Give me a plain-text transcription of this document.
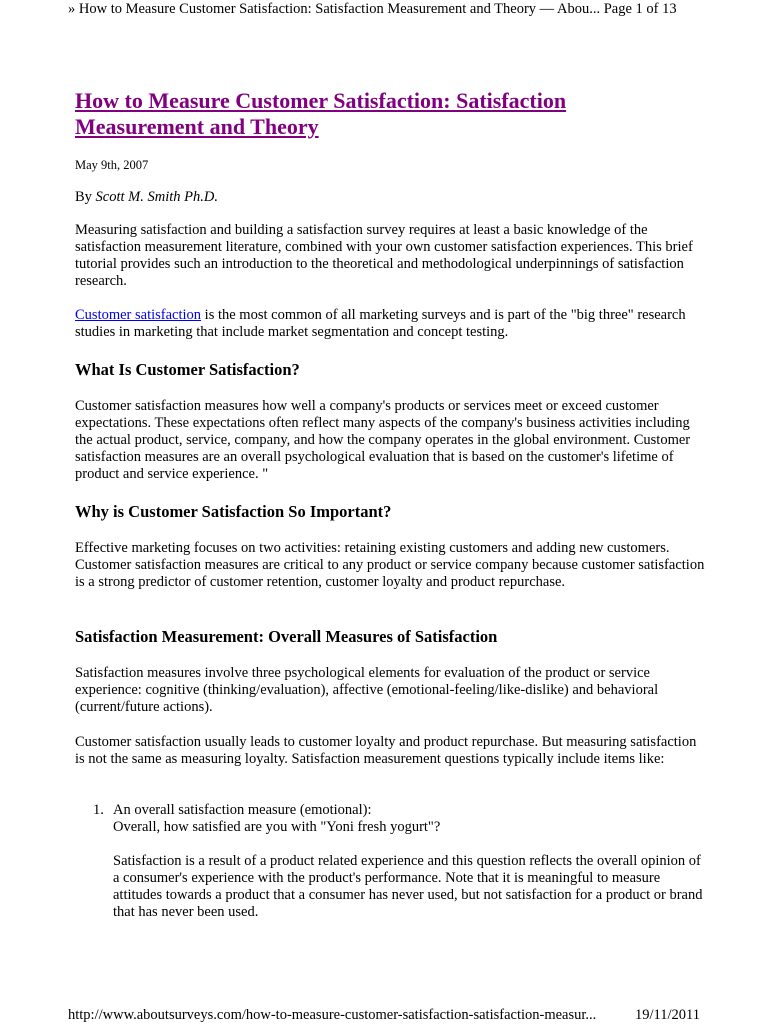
» How to Measure Customer Satisfaction: Satisfaction Measurement and Theory — Abou... Page 1 of 13
How to Measure Customer Satisfaction: Satisfaction Measurement and Theory
May 9th, 2007
By Scott M. Smith Ph.D.

Measuring satisfaction and building a satisfaction survey requires at least a basic knowledge of the satisfaction measurement literature, combined with your own customer satisfaction experiences. This brief tutorial provides such an introduction to the theoretical and methodological underpinnings of satisfaction research.

Customer satisfaction is the most common of all marketing surveys and is part of the "big three" research studies in marketing that include market segmentation and concept testing.

What Is Customer Satisfaction?

Customer satisfaction measures how well a company's products or services meet or exceed customer expectations. These expectations often reflect many aspects of the company's business activities including the actual product, service, company, and how the company operates in the global environment. Customer satisfaction measures are an overall psychological evaluation that is based on the customer's lifetime of product and service experience. "

Why is Customer Satisfaction So Important?

Effective marketing focuses on two activities: retaining existing customers and adding new customers. Customer satisfaction measures are critical to any product or service company because customer satisfaction is a strong predictor of customer retention, customer loyalty and product repurchase.

Satisfaction Measurement: Overall Measures of Satisfaction

Satisfaction measures involve three psychological elements for evaluation of the product or service experience: cognitive (thinking/evaluation), affective (emotional-feeling/like-dislike) and behavioral (current/future actions).

Customer satisfaction usually leads to customer loyalty and product repurchase. But measuring satisfaction is not the same as measuring loyalty. Satisfaction measurement questions typically include items like:

1. An overall satisfaction measure (emotional):
Overall, how satisfied are you with "Yoni fresh yogurt"?

Satisfaction is a result of a product related experience and this question reflects the overall opinion of a consumer's experience with the product's performance. Note that it is meaningful to measure attitudes towards a product that a consumer has never used, but not satisfaction for a product or brand that has never been used.

http://www.aboutsurveys.com/how-to-measure-customer-satisfaction-satisfaction-measur...	19/11/2011
